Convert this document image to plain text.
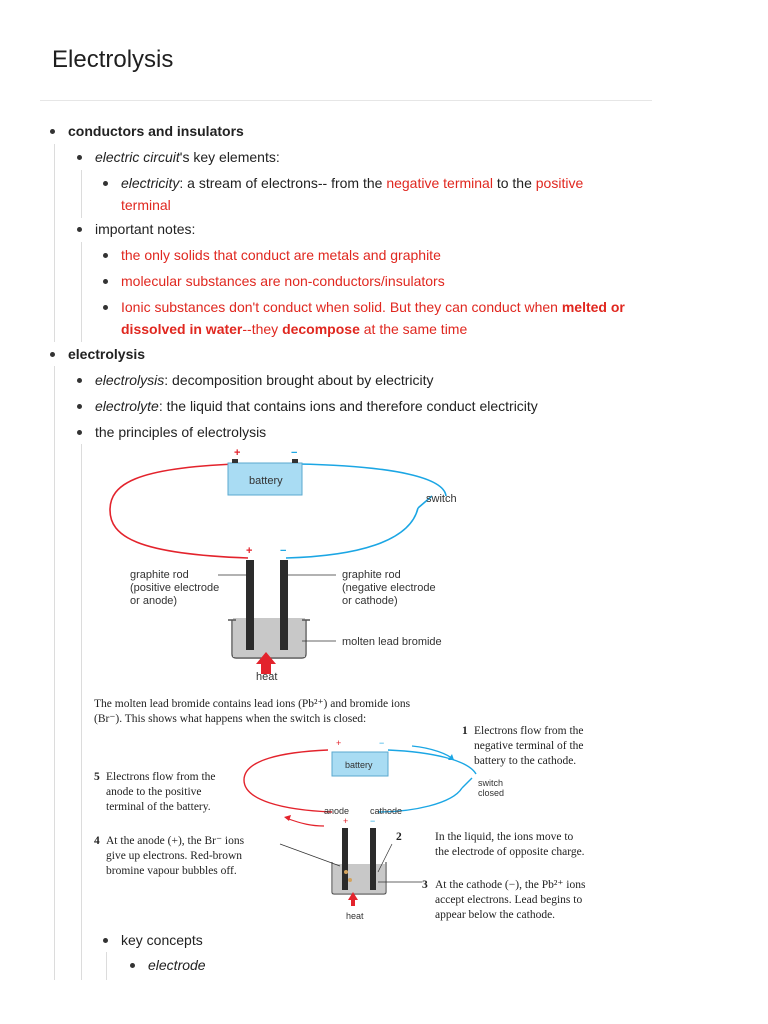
Electrolysis
conductors and insulators
electric circuit's key elements:
electricity: a stream of electrons-- from the negative terminal to the positive
terminal
important notes:
the only solids that conduct are metals and graphite
molecular substances are non-conductors/insulators
Ionic substances don't conduct when solid. But they can conduct when melted or
dissolved in water--they decompose at the same time
electrolysis
electrolysis: decomposition brought about by electricity
electrolyte: the liquid that contains ions and therefore conduct electricity
the principles of electrolysis
+	−
battery
switch
+	−
graphite rod
(positive electrode
or anode)
graphite rod
(negative electrode
or cathode)
molten lead bromide
heat
The molten lead bromide contains lead ions (Pb²⁺) and bromide ions
(Br⁻). This shows what happens when the switch is closed:
+	−
battery
switch
closed
anode cathode
+ −
heat
1 Electrons flow from the
negative terminal of the
battery to the cathode.
2	In the liquid, the ions move to
the electrode of opposite charge.
3 At the cathode (−), the Pb²⁺ ions
accept electrons. Lead begins to
appear below the cathode.
4 At the anode (+), the Br⁻ ions
give up electrons. Red-brown
bromine vapour bubbles off.
5 Electrons flow from the
anode to the positive
terminal of the battery.
key concepts
electrode
